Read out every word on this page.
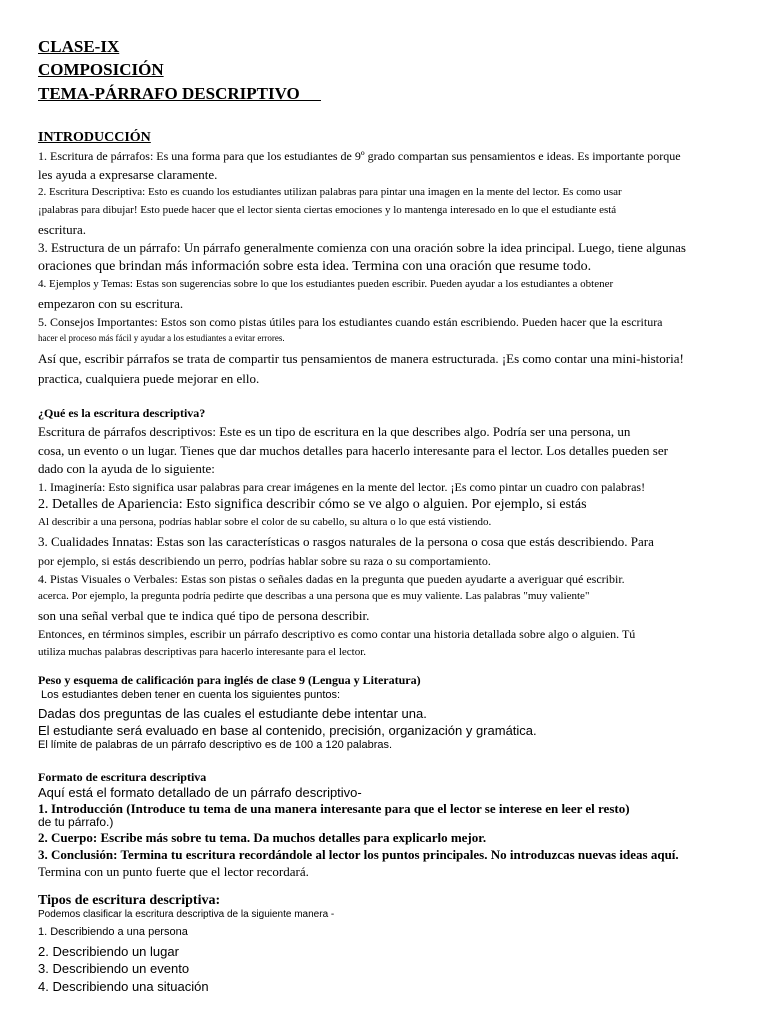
CLASE-IX
COMPOSICIÓN
TEMA-PÁRRAFO DESCRIPTIVO
INTRODUCCIÓN
1. Escritura de párrafos: Es una forma para que los estudiantes de 9º grado compartan sus pensamientos e ideas. Es importante porque
les ayuda a expresarse claramente.
2. Escritura Descriptiva: Esto es cuando los estudiantes utilizan palabras para pintar una imagen en la mente del lector. Es como usar
¡palabras para dibujar! Esto puede hacer que el lector sienta ciertas emociones y lo mantenga interesado en lo que el estudiante está
escritura.
3. Estructura de un párrafo: Un párrafo generalmente comienza con una oración sobre la idea principal. Luego, tiene algunas
oraciones que brindan más información sobre esta idea. Termina con una oración que resume todo.
4. Ejemplos y Temas: Estas son sugerencias sobre lo que los estudiantes pueden escribir. Pueden ayudar a los estudiantes a obtener
empezaron con su escritura.
5. Consejos Importantes: Estos son como pistas útiles para los estudiantes cuando están escribiendo. Pueden hacer que la escritura
hacer el proceso más fácil y ayudar a los estudiantes a evitar errores.
Así que, escribir párrafos se trata de compartir tus pensamientos de manera estructurada. ¡Es como contar una mini-historia!
practica, cualquiera puede mejorar en ello.
¿Qué es la escritura descriptiva?
Escritura de párrafos descriptivos: Este es un tipo de escritura en la que describes algo. Podría ser una persona, un
cosa, un evento o un lugar. Tienes que dar muchos detalles para hacerlo interesante para el lector. Los detalles pueden ser
dado con la ayuda de lo siguiente:
1. Imaginería: Esto significa usar palabras para crear imágenes en la mente del lector. ¡Es como pintar un cuadro con palabras!
2. Detalles de Apariencia: Esto significa describir cómo se ve algo o alguien. Por ejemplo, si estás
Al describir a una persona, podrías hablar sobre el color de su cabello, su altura o lo que está vistiendo.
3. Cualidades Innatas: Estas son las características o rasgos naturales de la persona o cosa que estás describiendo. Para
por ejemplo, si estás describiendo un perro, podrías hablar sobre su raza o su comportamiento.
4. Pistas Visuales o Verbales: Estas son pistas o señales dadas en la pregunta que pueden ayudarte a averiguar qué escribir.
acerca. Por ejemplo, la pregunta podría pedirte que describas a una persona que es muy valiente. Las palabras "muy valiente"
son una señal verbal que te indica qué tipo de persona describir.
Entonces, en términos simples, escribir un párrafo descriptivo es como contar una historia detallada sobre algo o alguien. Tú
utiliza muchas palabras descriptivas para hacerlo interesante para el lector.
Peso y esquema de calificación para inglés de clase 9 (Lengua y Literatura)
Los estudiantes deben tener en cuenta los siguientes puntos:
Dadas dos preguntas de las cuales el estudiante debe intentar una.
El estudiante será evaluado en base al contenido, precisión, organización y gramática.
El límite de palabras de un párrafo descriptivo es de 100 a 120 palabras.
Formato de escritura descriptiva
Aquí está el formato detallado de un párrafo descriptivo-
1. Introducción (Introduce tu tema de una manera interesante para que el lector se interese en leer el resto)
de tu párrafo.)
2. Cuerpo: Escribe más sobre tu tema. Da muchos detalles para explicarlo mejor.
3. Conclusión: Termina tu escritura recordándole al lector los puntos principales. No introduzcas nuevas ideas aquí.
Termina con un punto fuerte que el lector recordará.
Tipos de escritura descriptiva:
Podemos clasificar la escritura descriptiva de la siguiente manera -
1. Describiendo a una persona
2. Describiendo un lugar
3. Describiendo un evento
4. Describiendo una situación
